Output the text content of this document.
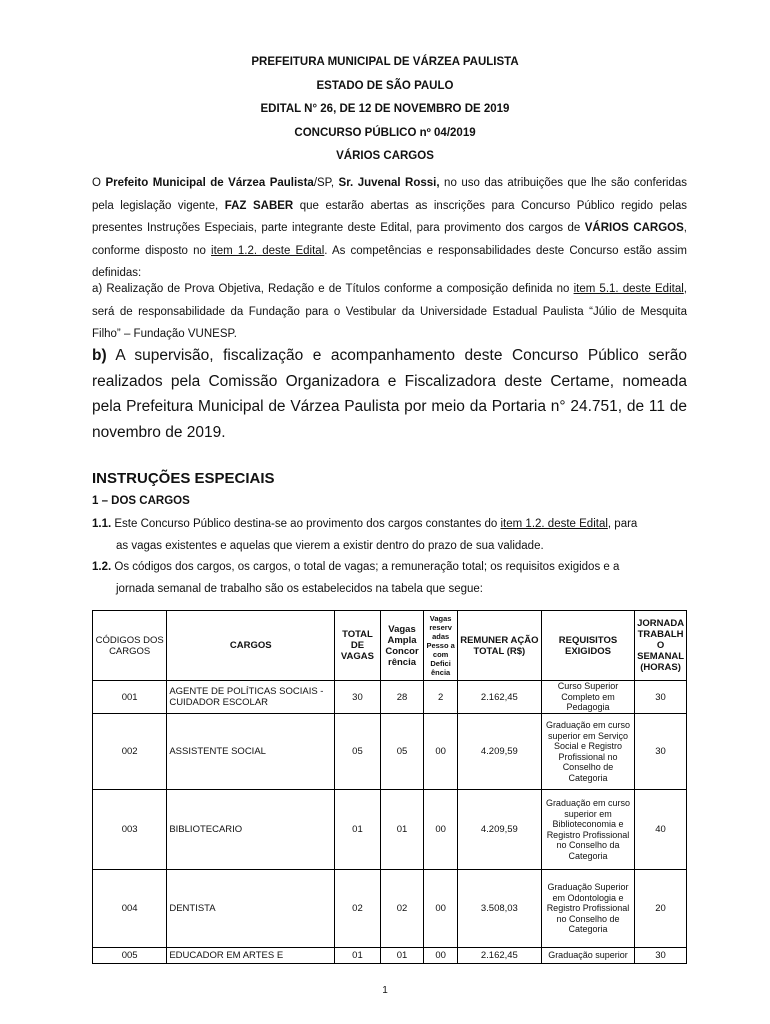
PREFEITURA MUNICIPAL DE VÁRZEA PAULISTA
ESTADO DE SÃO PAULO
EDITAL N° 26, DE 12 DE NOVEMBRO DE 2019
CONCURSO PÚBLICO nº 04/2019
VÁRIOS CARGOS
O Prefeito Municipal de Várzea Paulista/SP, Sr. Juvenal Rossi, no uso das atribuições que lhe são conferidas pela legislação vigente, FAZ SABER que estarão abertas as inscrições para Concurso Público regido pelas presentes Instruções Especiais, parte integrante deste Edital, para provimento dos cargos de VÁRIOS CARGOS, conforme disposto no item 1.2. deste Edital. As competências e responsabilidades deste Concurso estão assim definidas:
a) Realização de Prova Objetiva, Redação e de Títulos conforme a composição definida no item 5.1. deste Edital, será de responsabilidade da Fundação para o Vestibular da Universidade Estadual Paulista “Júlio de Mesquita Filho” – Fundação VUNESP.
b) A supervisão, fiscalização e acompanhamento deste Concurso Público serão realizados pela Comissão Organizadora e Fiscalizadora deste Certame, nomeada pela Prefeitura Municipal de Várzea Paulista por meio da Portaria n° 24.751, de 11 de novembro de 2019.
INSTRUÇÕES ESPECIAIS
1 – DOS CARGOS
1.1. Este Concurso Público destina-se ao provimento dos cargos constantes do item 1.2. deste Edital, para
as vagas existentes e aquelas que vierem a existir dentro do prazo de sua validade.
1.2. Os códigos dos cargos, os cargos, o total de vagas; a remuneração total; os requisitos exigidos e a
jornada semanal de trabalho são os estabelecidos na tabela que segue:
CÓDIGOS DOS CARGOS	CARGOS	TOTAL DE VAGAS	Vagas Ampla Concor rência	Vagas reserv adas Pesso a com Defici ência	REMUNER AÇÃO TOTAL (R$)	REQUISITOS EXIGIDOS	JORNADA TRABALH O SEMANAL (HORAS)
001	AGENTE DE POLÍTICAS SOCIAIS - CUIDADOR ESCOLAR	30	28	2	2.162,45	Curso Superior Completo em Pedagogia	30
002	ASSISTENTE SOCIAL	05	05	00	4.209,59	Graduação em curso superior em Serviço Social e Registro Profissional no Conselho de Categoria	30
003	BIBLIOTECARIO	01	01	00	4.209,59	Graduação em curso superior em Biblioteconomia e Registro Profissional no Conselho da Categoria	40
004	DENTISTA	02	02	00	3.508,03	Graduação Superior em Odontologia e Registro Profissional no Conselho de Categoria	20
005	EDUCADOR EM ARTES E	01	01	00	2.162,45	Graduação superior	30
1
